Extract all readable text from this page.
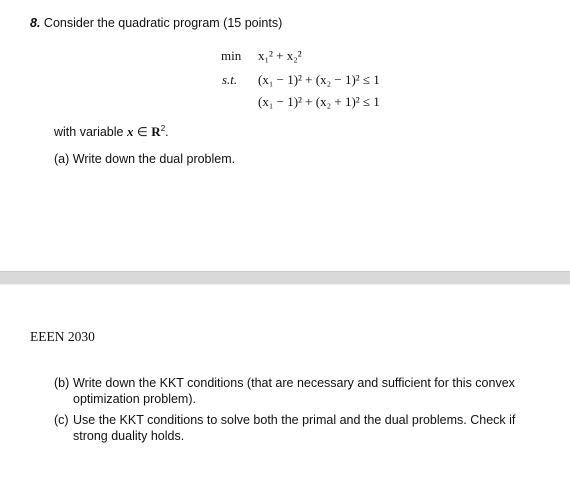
8. Consider the quadratic program (15 points)
min x₁² + x₂²
s.t. (x₁ − 1)² + (x₂ − 1)² ≤ 1
(x₁ − 1)² + (x₂ + 1)² ≤ 1
with variable x ∈ $R^2$.
(a) Write down the dual problem.
EEEN 2030
(b) Write down the KKT conditions (that are necessary and sufficient for this convex optimization problem).
(c) Use the KKT conditions to solve both the primal and the dual problems. Check if strong duality holds.
